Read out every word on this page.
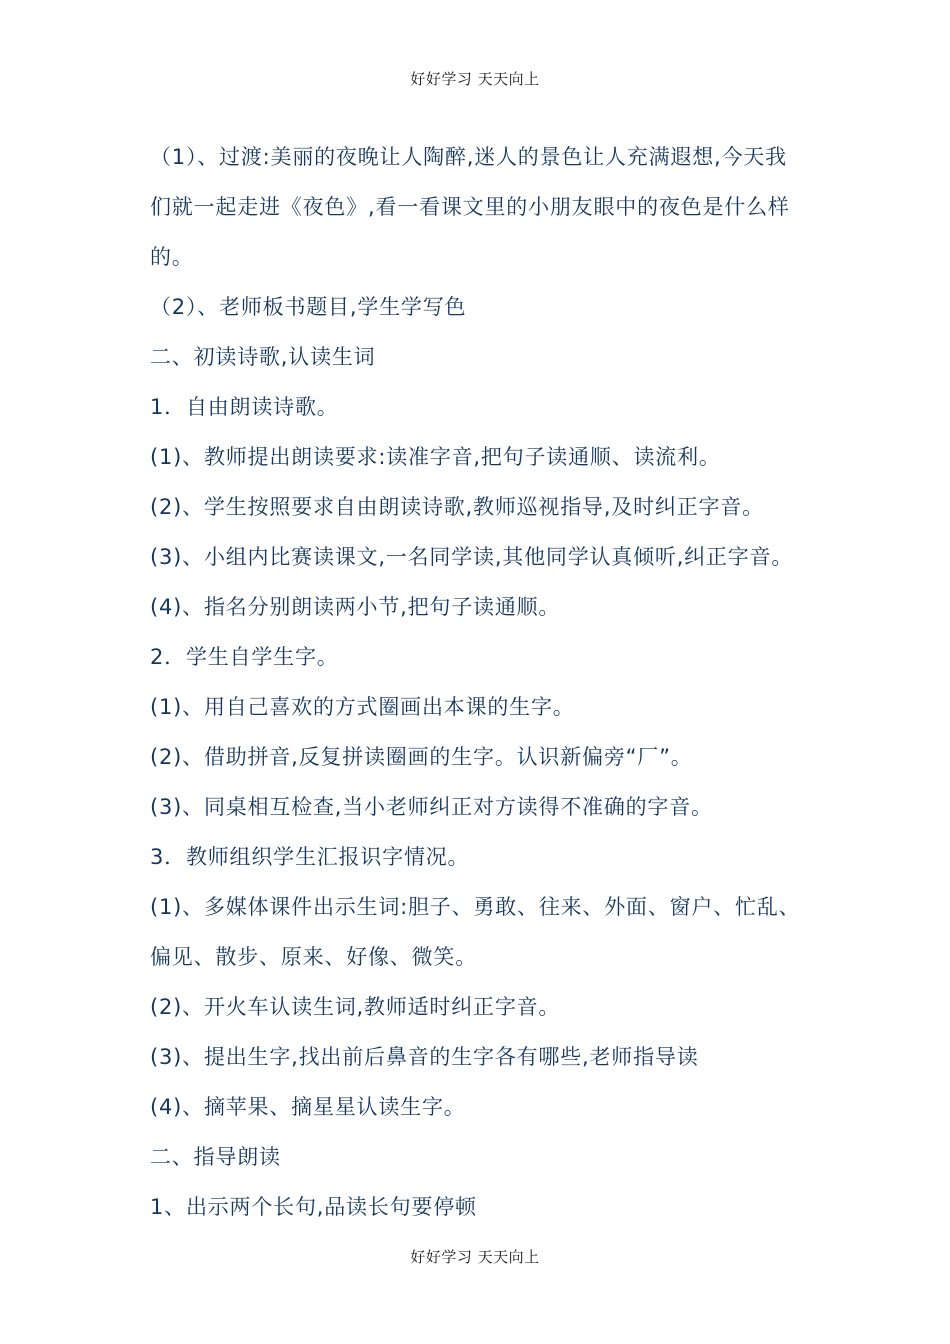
好好学习 天天向上
（1）、过渡:美丽的夜晚让人陶醉,迷人的景色让人充满遐想,今天我
们就一起走进《夜色》,看一看课文里的小朋友眼中的夜色是什么样
的。
（2）、老师板书题目,学生学写色
二、初读诗歌,认读生词
1．自由朗读诗歌。
(1)、教师提出朗读要求:读准字音,把句子读通顺、读流利。
(2)、学生按照要求自由朗读诗歌,教师巡视指导,及时纠正字音。
(3)、小组内比赛读课文,一名同学读,其他同学认真倾听,纠正字音。
(4)、指名分别朗读两小节,把句子读通顺。
2．学生自学生字。
(1)、用自己喜欢的方式圈画出本课的生字。
(2)、借助拼音,反复拼读圈画的生字。认识新偏旁“厂”。
(3)、同桌相互检查,当小老师纠正对方读得不准确的字音。
3．教师组织学生汇报识字情况。
(1)、多媒体课件出示生词:胆子、勇敢、往来、外面、窗户、忙乱、
偏见、散步、原来、好像、微笑。
(2)、开火车认读生词,教师适时纠正字音。
(3)、提出生字,找出前后鼻音的生字各有哪些,老师指导读
(4)、摘苹果、摘星星认读生字。
二、指导朗读
1、出示两个长句,品读长句要停顿
好好学习 天天向上
